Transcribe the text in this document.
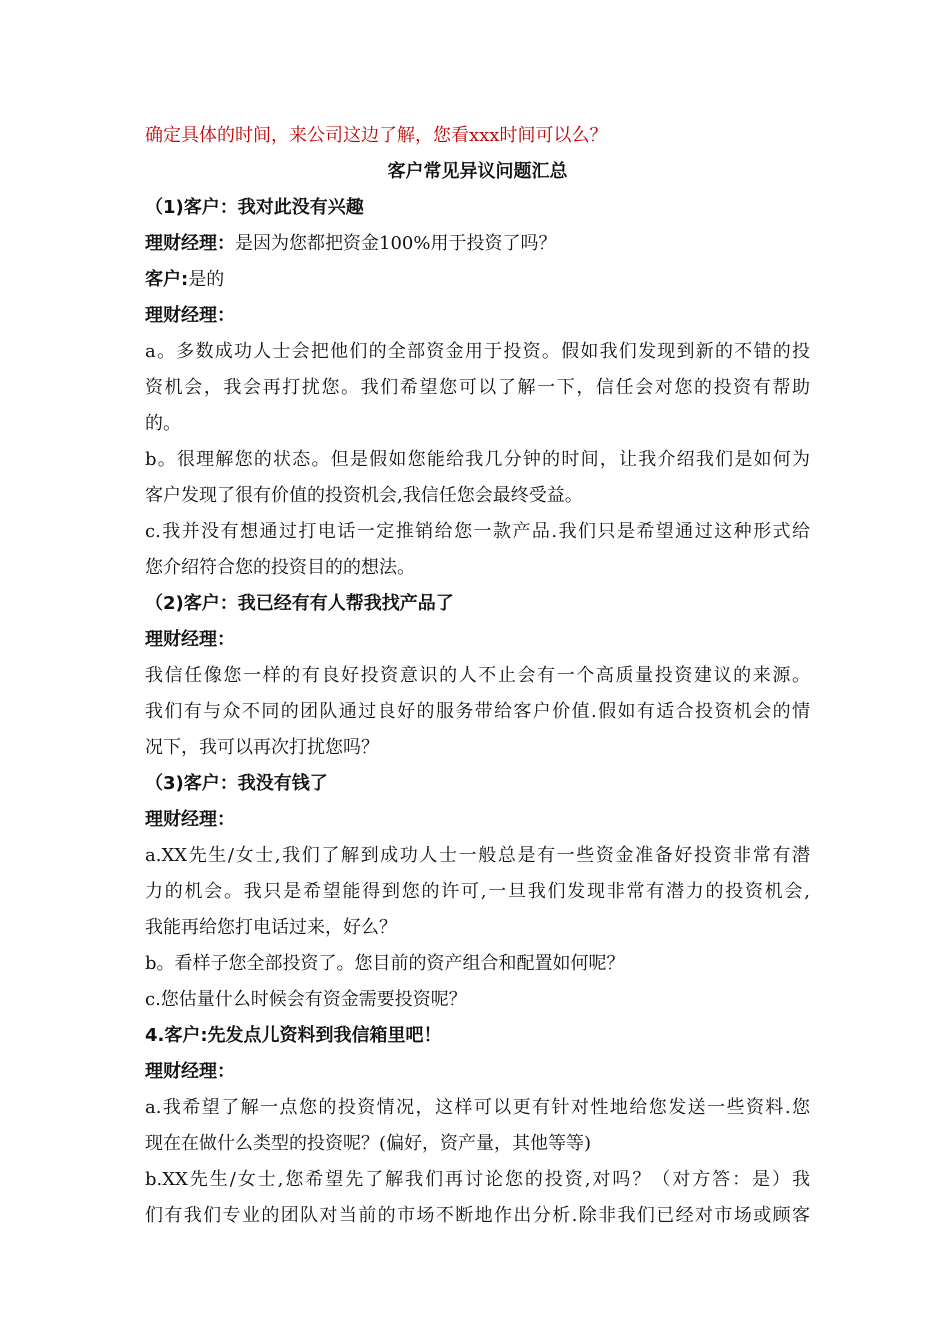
确定具体的时间，来公司这边了解，您看xxx时间可以么？

客户常见异议问题汇总

（1)客户：我对此没有兴趣

理财经理：是因为您都把资金100%用于投资了吗？

客户:是的

理财经理：

a。多数成功人士会把他们的全部资金用于投资。假如我们发现到新的不错的投

资机会，我会再打扰您。我们希望您可以了解一下，信任会对您的投资有帮助

的。

b。很理解您的状态。但是假如您能给我几分钟的时间，让我介绍我们是如何为

客户发现了很有价值的投资机会,我信任您会最终受益。

c.我并没有想通过打电话一定推销给您一款产品.我们只是希望通过这种形式给

您介绍符合您的投资目的的想法。

（2)客户：我已经有有人帮我找产品了

理财经理：

我信任像您一样的有良好投资意识的人不止会有一个高质量投资建议的来源。

我们有与众不同的团队通过良好的服务带给客户价值.假如有适合投资机会的情

况下，我可以再次打扰您吗？

（3)客户：我没有钱了

理财经理：

a.XX先生/女士,我们了解到成功人士一般总是有一些资金准备好投资非常有潜

力的机会。我只是希望能得到您的许可,一旦我们发现非常有潜力的投资机会,

我能再给您打电话过来，好么？

b。看样子您全部投资了。您目前的资产组合和配置如何呢？

c.您估量什么时候会有资金需要投资呢？

4.客户:先发点儿资料到我信箱里吧！

理财经理：

a.我希望了解一点您的投资情况，这样可以更有针对性地给您发送一些资料.您

现在在做什么类型的投资呢？(偏好，资产量，其他等等)

b.XX先生/女士,您希望先了解我们再讨论您的投资,对吗？（对方答：是）我

们有我们专业的团队对当前的市场不断地作出分析.除非我们已经对市场或顾客
